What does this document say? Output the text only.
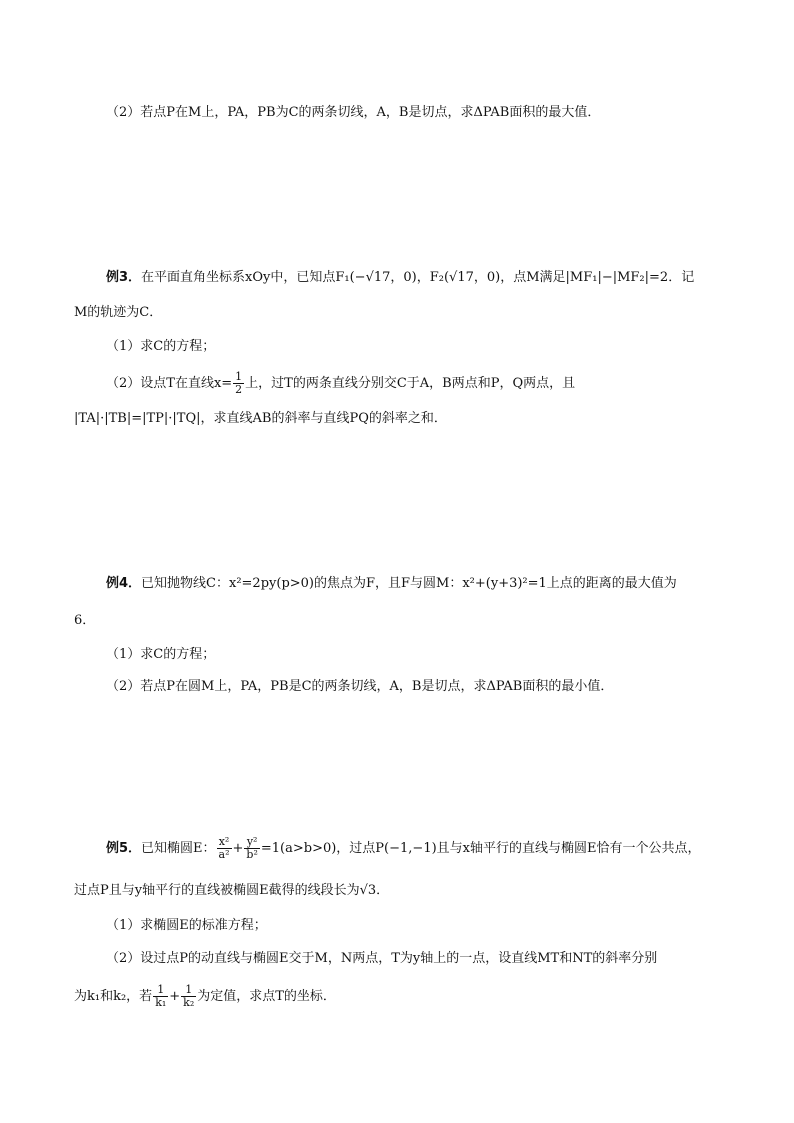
（2）若点P在M上，PA，PB为C的两条切线，A，B是切点，求ΔPAB面积的最大值．
例3．在平面直角坐标系xOy中，已知点F₁(−√17，0)，F₂(√17，0)，点M满足|MF₁|−|MF₂|=2．记
M的轨迹为C．
（1）求C的方程；
（2）设点T在直线$x= \frac{1}{2}$ 上，过T的两条直线分别交C于A，B两点和P，Q两点，且
|TA|·|TB|=|TP|·|TQ|，求直线AB的斜率与直线PQ的斜率之和．
例4．已知抛物线C：x²=2py(p>0)的焦点为F，且F与圆M：x²+(y+3)²=1上点的距离的最大值为
6．
（1）求C的方程；
（2）若点P在圆M上，PA，PB是C的两条切线，A，B是切点，求ΔPAB面积的最小值．
例5．已知椭圆E： $\frac{\text{x²}}{\text{a²}} + \frac{\text{y²}}{\text{b²}} =1(a>b>0)$，过点P(−1,−1)且与x轴平行的直线与椭圆E恰有一个公共点，
过点P且与y轴平行的直线被椭圆E截得的线段长为√3．
（1）求椭圆E的标准方程；
（2）设过点P的动直线与椭圆E交于M，N两点，T为y轴上的一点，设直线MT和NT的斜率分别
为k₁和k₂，若 $\frac{1}{\text{k₁}} + \frac{1}{\text{k₂}}$ 为定值，求点T的坐标．
